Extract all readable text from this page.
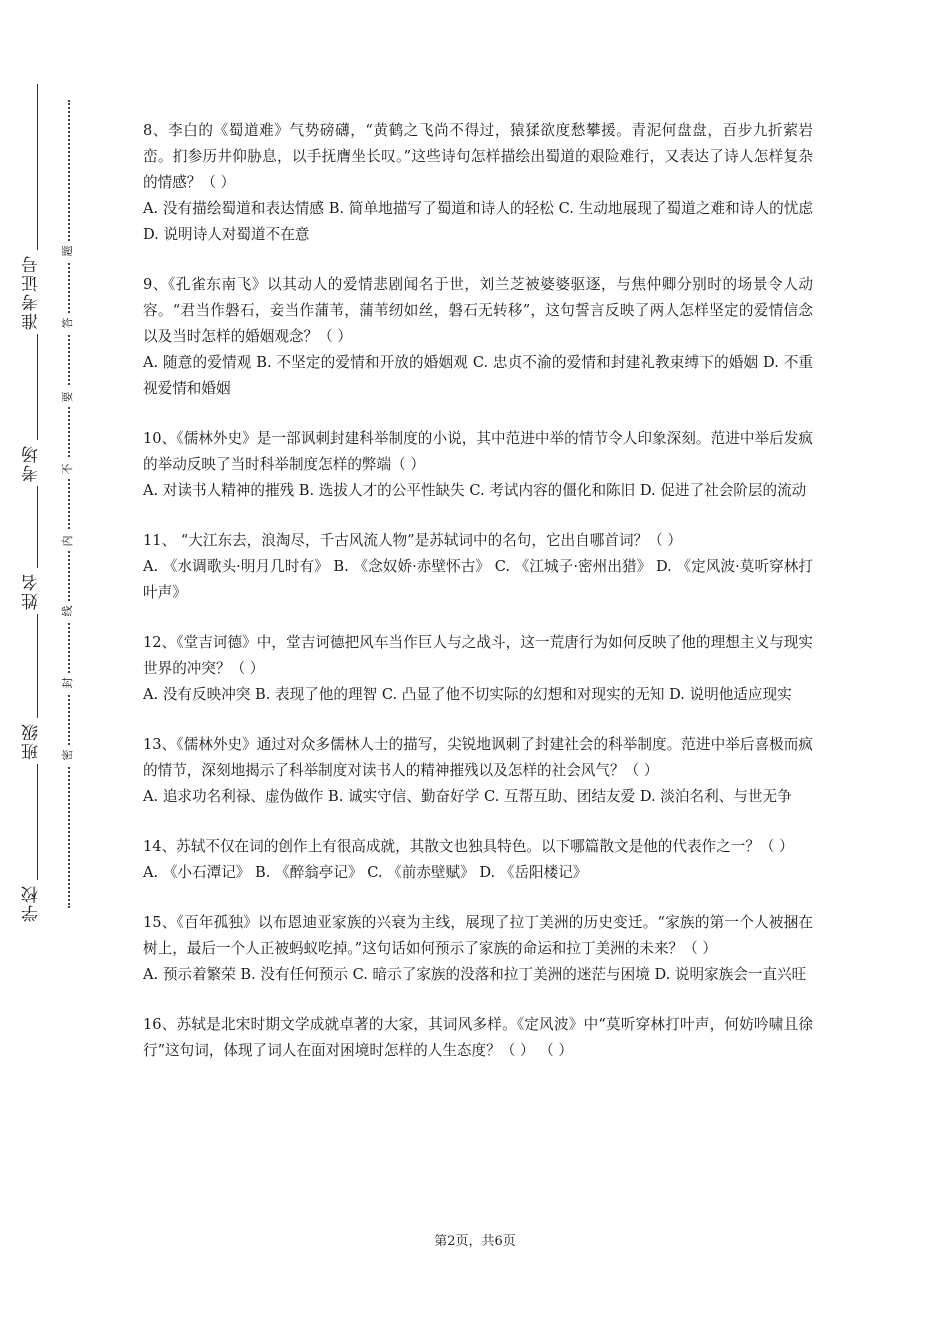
准考证号
考场
姓名
班级
学校
题
答
要
不
内
线
封
密

8、李白的《蜀道难》气势磅礴，“黄鹤之飞尚不得过，猿猱欲度愁攀援。青泥何盘盘，百步九折萦岩峦。扪参历井仰胁息，以手抚膺坐长叹。”这些诗句怎样描绘出蜀道的艰险难行，又表达了诗人怎样复杂的情感？（ ）

A. 没有描绘蜀道和表达情感 B. 简单地描写了蜀道和诗人的轻松 C. 生动地展现了蜀道之难和诗人的忧虑 D. 说明诗人对蜀道不在意

9、《孔雀东南飞》以其动人的爱情悲剧闻名于世，刘兰芝被婆婆驱逐，与焦仲卿分别时的场景令人动容。“君当作磐石，妾当作蒲苇，蒲苇纫如丝，磐石无转移”，这句誓言反映了两人怎样坚定的爱情信念以及当时怎样的婚姻观念？（ ）

A. 随意的爱情观 B. 不坚定的爱情和开放的婚姻观 C. 忠贞不渝的爱情和封建礼教束缚下的婚姻 D. 不重视爱情和婚姻

10、《儒林外史》是一部讽刺封建科举制度的小说，其中范进中举的情节令人印象深刻。范进中举后发疯的举动反映了当时科举制度怎样的弊端（ ）

A. 对读书人精神的摧残 B. 选拔人才的公平性缺失 C. 考试内容的僵化和陈旧 D. 促进了社会阶层的流动

11、 “大江东去，浪淘尽，千古风流人物”是苏轼词中的名句，它出自哪首词？（ ）

A. 《水调歌头·明月几时有》 B. 《念奴娇·赤壁怀古》 C. 《江城子·密州出猎》 D. 《定风波·莫听穿林打叶声》

12、《堂吉诃德》中，堂吉诃德把风车当作巨人与之战斗，这一荒唐行为如何反映了他的理想主义与现实世界的冲突？（ ）

A. 没有反映冲突 B. 表现了他的理智 C. 凸显了他不切实际的幻想和对现实的无知 D. 说明他适应现实

13、《儒林外史》通过对众多儒林人士的描写，尖锐地讽刺了封建社会的科举制度。范进中举后喜极而疯的情节，深刻地揭示了科举制度对读书人的精神摧残以及怎样的社会风气？（ ）

A. 追求功名利禄、虚伪做作 B. 诚实守信、勤奋好学 C. 互帮互助、团结友爱 D. 淡泊名利、与世无争

14、苏轼不仅在词的创作上有很高成就，其散文也独具特色。以下哪篇散文是他的代表作之一？（ ）

A. 《小石潭记》 B. 《醉翁亭记》 C. 《前赤壁赋》 D. 《岳阳楼记》

15、《百年孤独》以布恩迪亚家族的兴衰为主线，展现了拉丁美洲的历史变迁。“家族的第一个人被捆在树上，最后一个人正被蚂蚁吃掉。”这句话如何预示了家族的命运和拉丁美洲的未来？（ ）

A. 预示着繁荣 B. 没有任何预示 C. 暗示了家族的没落和拉丁美洲的迷茫与困境 D. 说明家族会一直兴旺

16、苏轼是北宋时期文学成就卓著的大家，其词风多样。《定风波》中“莫听穿林打叶声，何妨吟啸且徐行”这句词，体现了词人在面对困境时怎样的人生态度？（ ） （ ）

第2页，共6页
